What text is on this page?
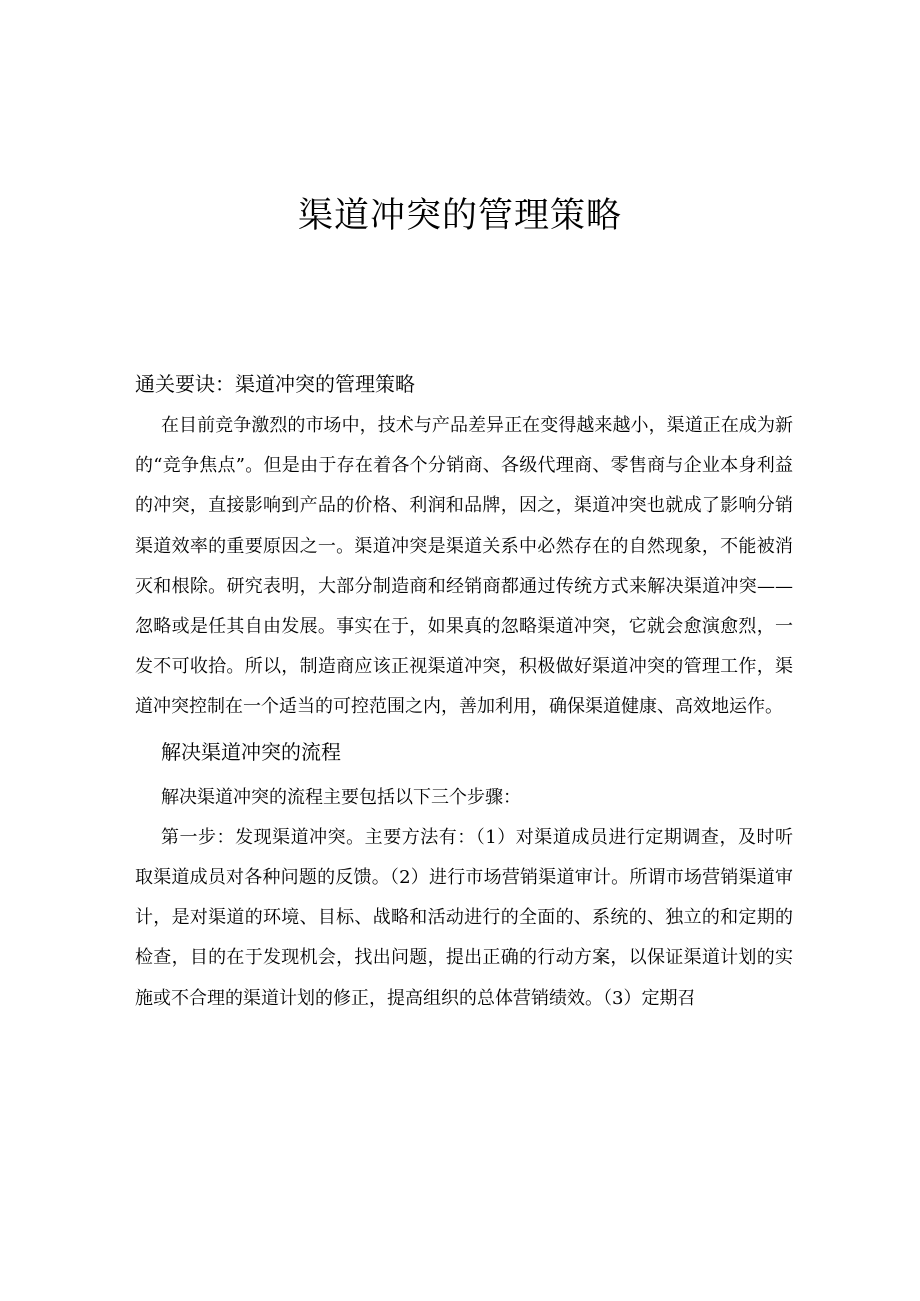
渠道冲突的管理策略
通关要诀：渠道冲突的管理策略

在目前竞争激烈的市场中，技术与产品差异正在变得越来越小，渠道正在成为新的“竞争焦点”。但是由于存在着各个分销商、各级代理商、零售商与企业本身利益的冲突，直接影响到产品的价格、利润和品牌，因之，渠道冲突也就成了影响分销渠道效率的重要原因之一。渠道冲突是渠道关系中必然存在的自然现象，不能被消灭和根除。研究表明，大部分制造商和经销商都通过传统方式来解决渠道冲突——忽略或是任其自由发展。事实在于，如果真的忽略渠道冲突，它就会愈演愈烈，一发不可收拾。所以，制造商应该正视渠道冲突，积极做好渠道冲突的管理工作，渠道冲突控制在一个适当的可控范围之内，善加利用，确保渠道健康、高效地运作。

解决渠道冲突的流程

解决渠道冲突的流程主要包括以下三个步骤：

第一步：发现渠道冲突。主要方法有：（1）对渠道成员进行定期调查，及时听取渠道成员对各种问题的反馈。（2）进行市场营销渠道审计。所谓市场营销渠道审计，是对渠道的环境、目标、战略和活动进行的全面的、系统的、独立的和定期的检查，目的在于发现机会，找出问题，提出正确的行动方案，以保证渠道计划的实施或不合理的渠道计划的修正，提高组织的总体营销绩效。（3）定期召
